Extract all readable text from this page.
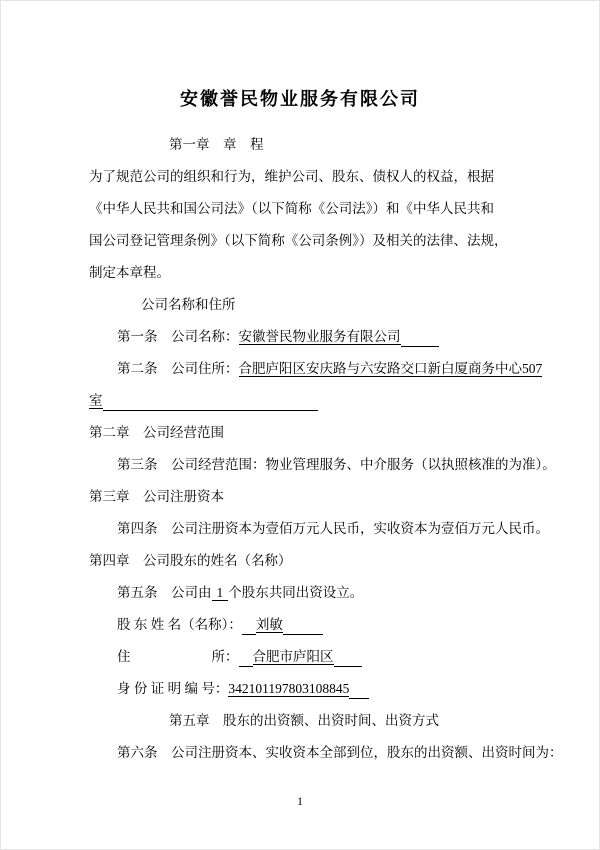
安徽誉民物业服务有限公司

第一章　章　程

为了规范公司的组织和行为，维护公司、股东、债权人的权益，根据

《中华人民共和国公司法》（以下简称《公司法》）和《中华人民共和

国公司登记管理条例》（以下简称《公司条例》）及相关的法律、法规，

制定本章程。

公司名称和住所

第一条　公司名称：安徽誉民物业服务有限公司

第二条　公司住所：合肥庐阳区安庆路与六安路交口新白厦商务中心507

室

第二章　公司经营范围

第三条　公司经营范围：物业管理服务、中介服务（以执照核准的为准）。

第三章　公司注册资本

第四条　公司注册资本为壹佰万元人民币，实收资本为壹佰万元人民币。

第四章　公司股东的姓名（名称）

第五条　公司由 1 个股东共同出资设立。

股 东 姓 名（名称）： 刘敏

住　　　　　　所： 合肥市庐阳区

身 份 证 明 编 号：342101197803108845

第五章　股东的出资额、出资时间、出资方式

第六条　公司注册资本、实收资本全部到位，股东的出资额、出资时间为：

1
